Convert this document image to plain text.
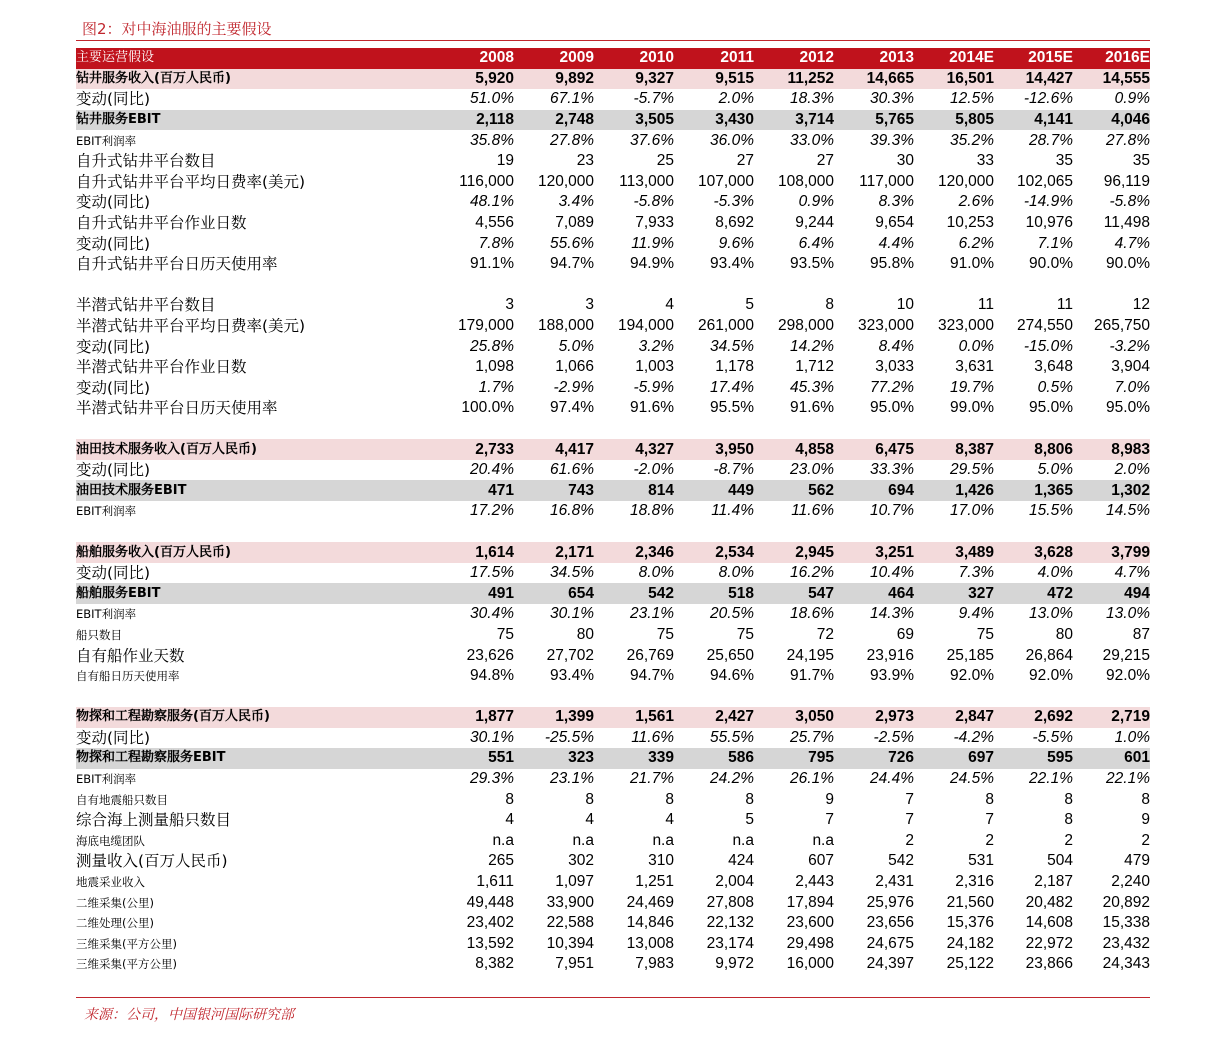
图2：对中海油服的主要假设
主要运营假设	2008	2009	2010	2011	2012	2013	2014E	2015E	2016E
钻井服务收入(百万人民币)	5,920	9,892	9,327	9,515	11,252	14,665	16,501	14,427	14,555
变动(同比)	51.0%	67.1%	-5.7%	2.0%	18.3%	30.3%	12.5%	-12.6%	0.9%
钻井服务EBIT	2,118	2,748	3,505	3,430	3,714	5,765	5,805	4,141	4,046
EBIT利润率	35.8%	27.8%	37.6%	36.0%	33.0%	39.3%	35.2%	28.7%	27.8%
自升式钻井平台数目	19	23	25	27	27	30	33	35	35
自升式钻井平台平均日费率(美元)	116,000	120,000	113,000	107,000	108,000	117,000	120,000	102,065	96,119
变动(同比)	48.1%	3.4%	-5.8%	-5.3%	0.9%	8.3%	2.6%	-14.9%	-5.8%
自升式钻井平台作业日数	4,556	7,089	7,933	8,692	9,244	9,654	10,253	10,976	11,498
变动(同比)	7.8%	55.6%	11.9%	9.6%	6.4%	4.4%	6.2%	7.1%	4.7%
自升式钻井平台日历天使用率	91.1%	94.7%	94.9%	93.4%	93.5%	95.8%	91.0%	90.0%	90.0%

半潜式钻井平台数目	3	3	4	5	8	10	11	11	12
半潜式钻井平台平均日费率(美元)	179,000	188,000	194,000	261,000	298,000	323,000	323,000	274,550	265,750
变动(同比)	25.8%	5.0%	3.2%	34.5%	14.2%	8.4%	0.0%	-15.0%	-3.2%
半潜式钻井平台作业日数	1,098	1,066	1,003	1,178	1,712	3,033	3,631	3,648	3,904
变动(同比)	1.7%	-2.9%	-5.9%	17.4%	45.3%	77.2%	19.7%	0.5%	7.0%
半潜式钻井平台日历天使用率	100.0%	97.4%	91.6%	95.5%	91.6%	95.0%	99.0%	95.0%	95.0%

油田技术服务收入(百万人民币)	2,733	4,417	4,327	3,950	4,858	6,475	8,387	8,806	8,983
变动(同比)	20.4%	61.6%	-2.0%	-8.7%	23.0%	33.3%	29.5%	5.0%	2.0%
油田技术服务EBIT	471	743	814	449	562	694	1,426	1,365	1,302
EBIT利润率	17.2%	16.8%	18.8%	11.4%	11.6%	10.7%	17.0%	15.5%	14.5%

船舶服务收入(百万人民币)	1,614	2,171	2,346	2,534	2,945	3,251	3,489	3,628	3,799
变动(同比)	17.5%	34.5%	8.0%	8.0%	16.2%	10.4%	7.3%	4.0%	4.7%
船舶服务EBIT	491	654	542	518	547	464	327	472	494
EBIT利润率	30.4%	30.1%	23.1%	20.5%	18.6%	14.3%	9.4%	13.0%	13.0%
船只数目	75	80	75	75	72	69	75	80	87
自有船作业天数	23,626	27,702	26,769	25,650	24,195	23,916	25,185	26,864	29,215
自有船日历天使用率	94.8%	93.4%	94.7%	94.6%	91.7%	93.9%	92.0%	92.0%	92.0%

物探和工程勘察服务(百万人民币)	1,877	1,399	1,561	2,427	3,050	2,973	2,847	2,692	2,719
变动(同比)	30.1%	-25.5%	11.6%	55.5%	25.7%	-2.5%	-4.2%	-5.5%	1.0%
物探和工程勘察服务EBIT	551	323	339	586	795	726	697	595	601
EBIT利润率	29.3%	23.1%	21.7%	24.2%	26.1%	24.4%	24.5%	22.1%	22.1%
自有地震船只数目	8	8	8	8	9	7	8	8	8
综合海上测量船只数目	4	4	4	5	7	7	7	8	9
海底电缆团队	n.a	n.a	n.a	n.a	n.a	2	2	2	2
测量收入(百万人民币)	265	302	310	424	607	542	531	504	479
地震采业收入	1,611	1,097	1,251	2,004	2,443	2,431	2,316	2,187	2,240
二维采集(公里)	49,448	33,900	24,469	27,808	17,894	25,976	21,560	20,482	20,892
二维处理(公里)	23,402	22,588	14,846	22,132	23,600	23,656	15,376	14,608	15,338
三维采集(平方公里)	13,592	10,394	13,008	23,174	29,498	24,675	24,182	22,972	23,432
三维采集(平方公里)	8,382	7,951	7,983	9,972	16,000	24,397	25,122	23,866	24,343
来源：公司，中国银河国际研究部
